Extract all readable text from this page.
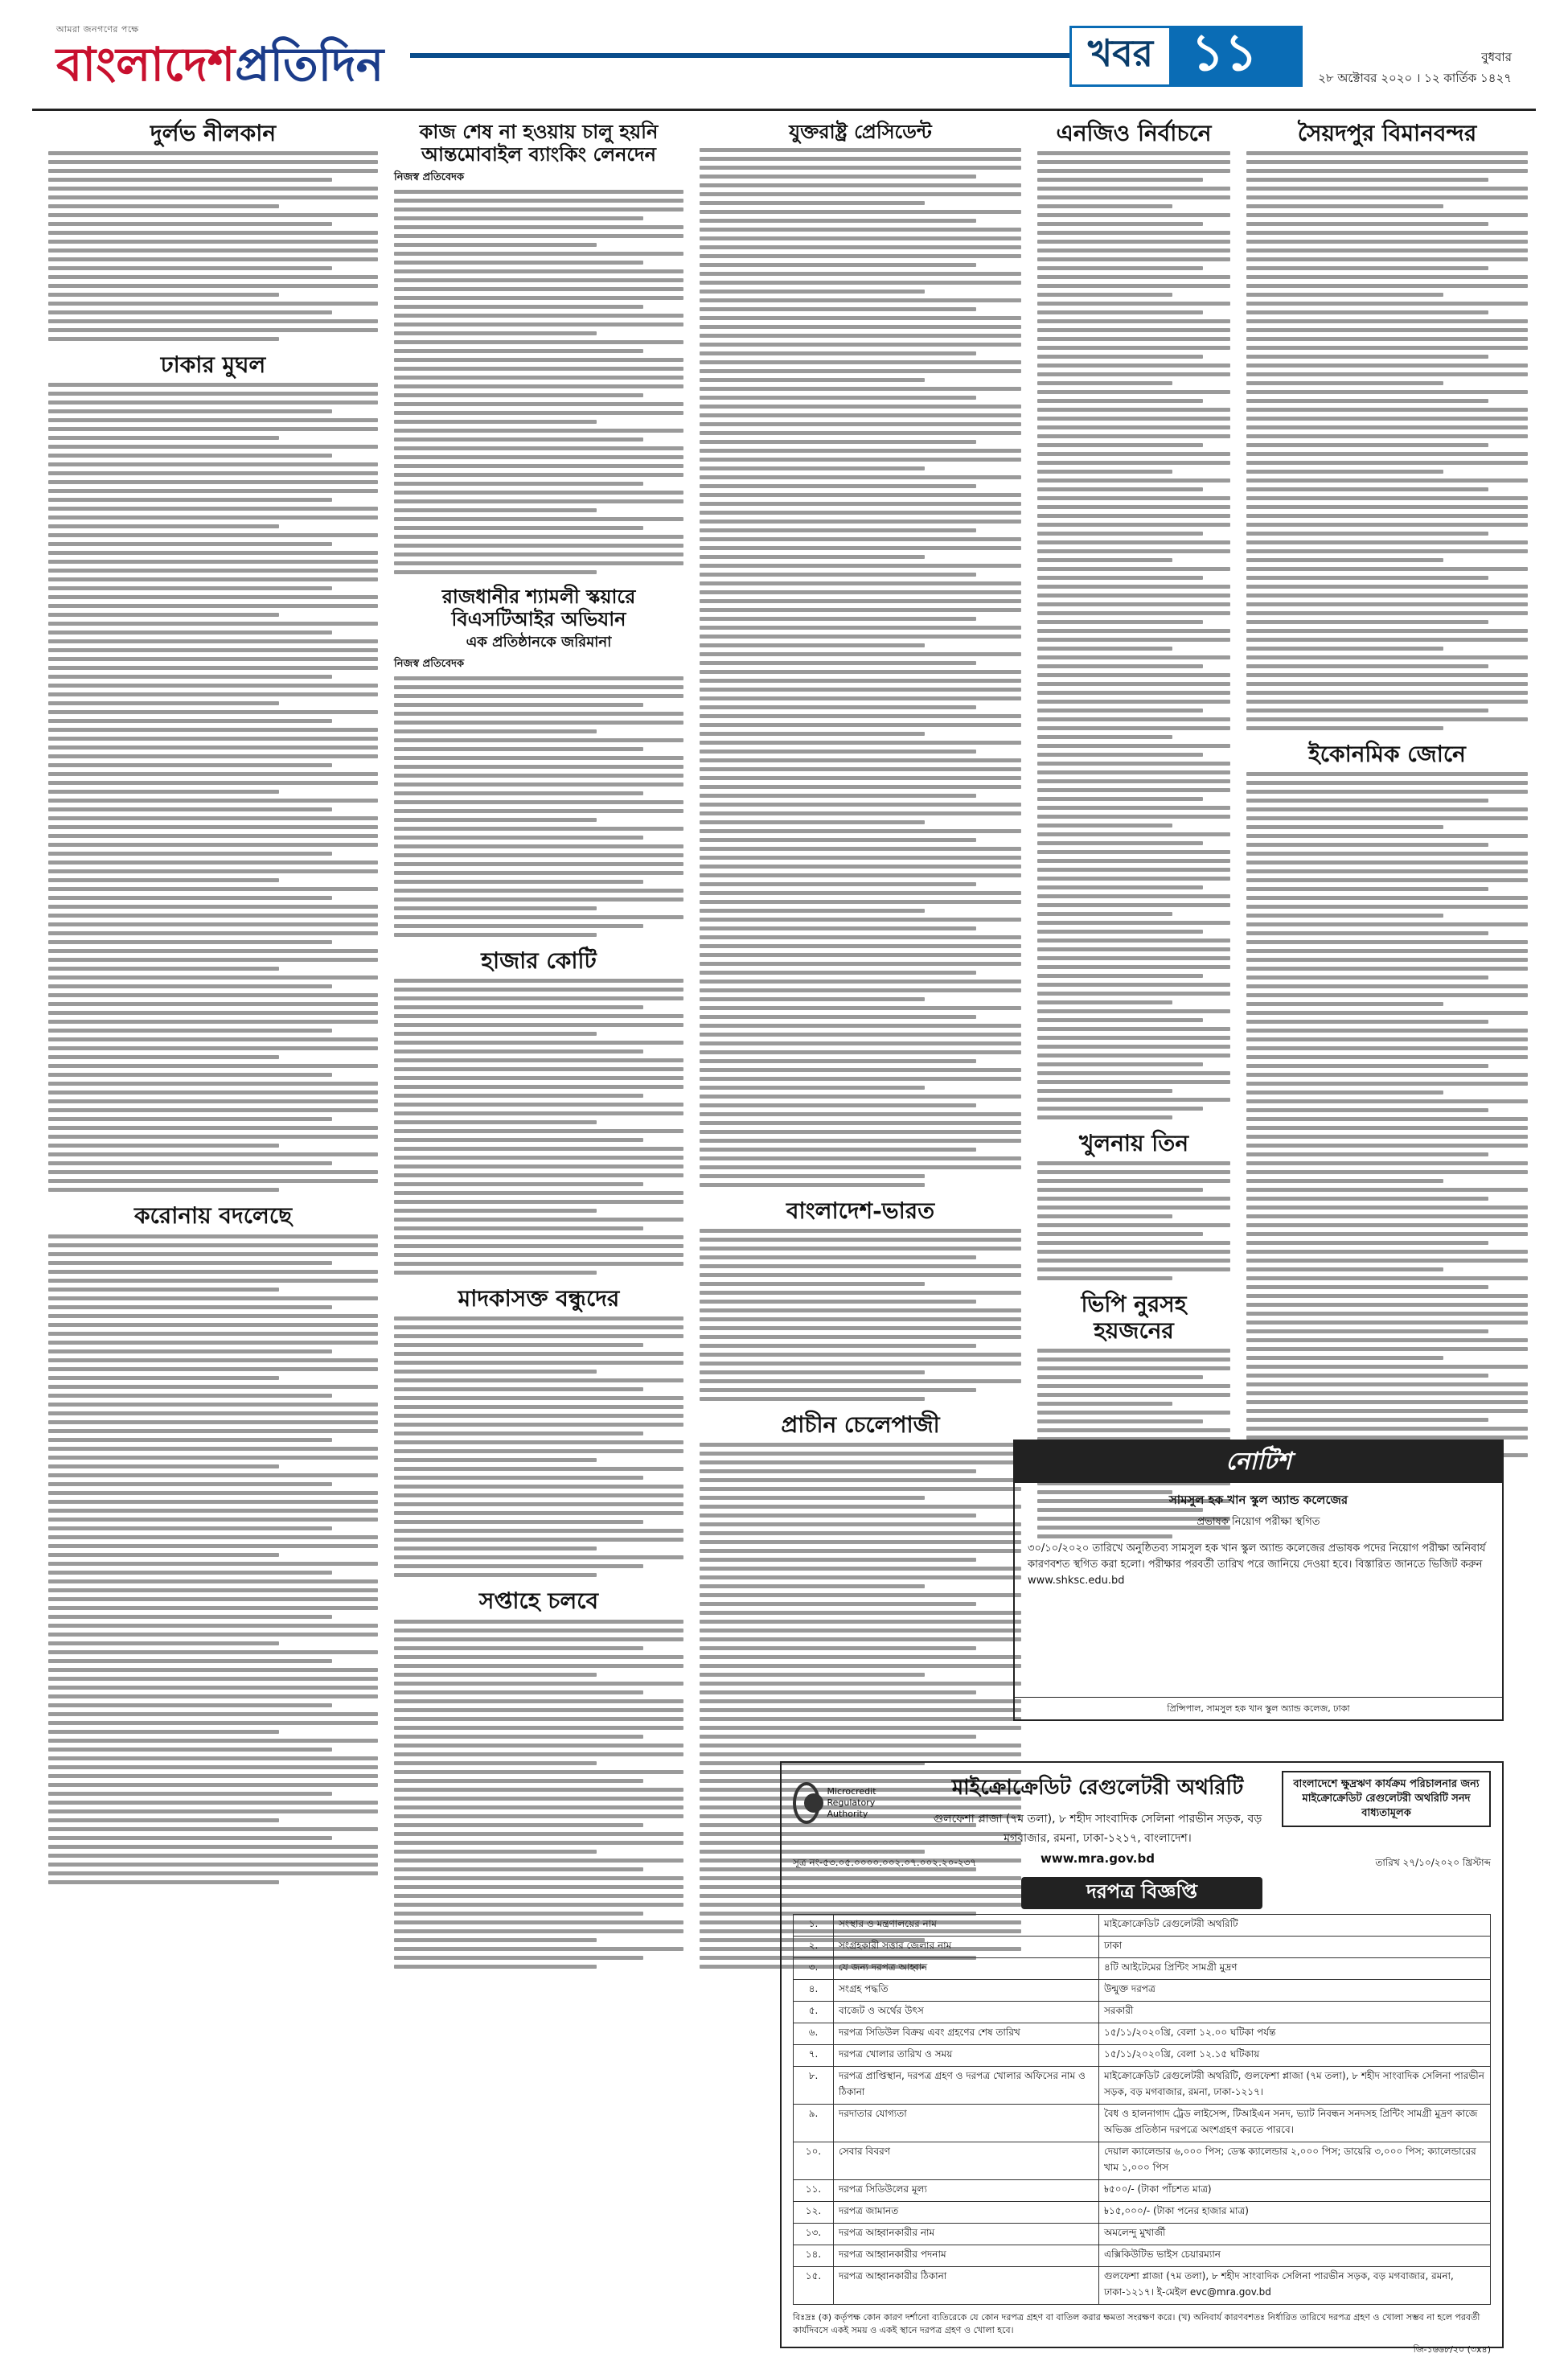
আমরা জনগণের পক্ষে
বাংলাদেশপ্রতিদিন	খবর ১১	বুধবার
২৮ অক্টোবর ২০২০ । ১২ কার্তিক ১৪২৭
দুর্লভ নীলকান
ঢাকার মুঘল
করোনায় বদলেছে
কাজ শেষ না হওয়ায় চালু হয়নি আন্তমোবাইল ব্যাংকিং লেনদেন
নিজস্ব প্রতিবেদক
রাজধানীর শ্যামলী স্কয়ারে বিএসটিআইর অভিযান
এক প্রতিষ্ঠানকে জরিমানা
নিজস্ব প্রতিবেদক
হাজার কোটি
মাদকাসক্ত বন্ধুদের
সপ্তাহে চলবে
যুক্তরাষ্ট্র প্রেসিডেন্ট
বাংলাদেশ-ভারত
প্রাচীন চেলেপাজী
এনজিও নির্বাচনে
খুলনায় তিন
ভিপি নুরসহ হয়জনের
সৈয়দপুর বিমানবন্দর
ইকোনমিক জোনে
নোটিশ
সামসুল হক খান স্কুল অ্যান্ড কলেজের
প্রভাষক নিয়োগ পরীক্ষা স্থগিত
৩০/১০/২০২০ তারিখে অনুষ্ঠিতব্য সামসুল হক খান স্কুল অ্যান্ড কলেজের প্রভাষক পদের নিয়োগ পরীক্ষা অনিবার্য কারণবশত স্থগিত করা হলো। পরীক্ষার পরবর্তী তারিখ পরে জানিয়ে দেওয়া হবে। বিস্তারিত জানতে ভিজিট করুন www.shksc.edu.bd
প্রিন্সিপাল, সামসুল হক খান স্কুল অ্যান্ড কলেজ, ঢাকা
Microcredit Regulatory Authority
মাইক্রোক্রেডিট রেগুলেটরী অথরিটি
গুলফেশা প্লাজা (৭ম তলা), ৮ শহীদ সাংবাদিক সেলিনা পারভীন সড়ক, বড় মগবাজার, রমনা, ঢাকা-১২১৭, বাংলাদেশ।
www.mra.gov.bd
বাংলাদেশে ক্ষুদ্রঋণ কার্যক্রম পরিচালনার জন্য মাইক্রোক্রেডিট রেগুলেটরী অথরিটি সনদ বাধ্যতামূলক
সূত্র নং-৫৩.০৫.০০০০.০০২.০৭.০০২.২০-২৩৭	তারিখ ২৭/১০/২০২০ খ্রিস্টাব্দ
দরপত্র বিজ্ঞপ্তি
১.	সংস্থার ও মন্ত্রণালয়ের নাম	মাইক্রোক্রেডিট রেগুলেটরী অথরিটি
২.	সংগ্রহকারী সত্তার জেলার নাম	ঢাকা
৩.	যে জন্য দরপত্র আহ্বান	৪টি আইটেমের প্রিন্টিং সামগ্রী মুদ্রণ
৪.	সংগ্রহ পদ্ধতি	উন্মুক্ত দরপত্র
৫.	বাজেট ও অর্থের উৎস	সরকারী
৬.	দরপত্র সিডিউল বিক্রয় এবং গ্রহণের শেষ তারিখ	১৫/১১/২০২০খ্রি, বেলা ১২.০০ ঘটিকা পর্যন্ত
৭.	দরপত্র খোলার তারিখ ও সময়	১৫/১১/২০২০খ্রি, বেলা ১২.১৫ ঘটিকায়
৮.	দরপত্র প্রাপ্তিস্থান, দরপত্র গ্রহণ ও দরপত্র খোলার অফিসের নাম ও ঠিকানা	মাইক্রোক্রেডিট রেগুলেটরী অথরিটি, গুলফেশা প্লাজা (৭ম তলা), ৮ শহীদ সাংবাদিক সেলিনা পারভীন সড়ক, বড় মগবাজার, রমনা, ঢাকা-১২১৭।
৯.	দরদাতার যোগ্যতা	বৈধ ও হালনাগাদ ট্রেড লাইসেন্স, টিআইএন সনদ, ভ্যাট নিবন্ধন সনদসহ প্রিন্টিং সামগ্রী মুদ্রণ কাজে অভিজ্ঞ প্রতিষ্ঠান দরপত্রে অংশগ্রহণ করতে পারবে।
১০.	সেবার বিবরণ	দেয়াল ক্যালেন্ডার ৬,০০০ পিস; ডেস্ক ক্যালেন্ডার ২,০০০ পিস; ডায়েরি ৩,০০০ পিস; ক্যালেন্ডারের খাম ১,০০০ পিস
১১.	দরপত্র সিডিউলের মূল্য	৳৫০০/- (টাকা পাঁচশত মাত্র)
১২.	দরপত্র জামানত	৳১৫,০০০/- (টাকা পনের হাজার মাত্র)
১৩.	দরপত্র আহ্বানকারীর নাম	অমলেন্দু মুখার্জী
১৪.	দরপত্র আহ্বানকারীর পদনাম	এক্সিকিউটিভ ভাইস চেয়ারম্যান
১৫.	দরপত্র আহ্বানকারীর ঠিকানা	গুলফেশা প্লাজা (৭ম তলা), ৮ শহীদ সাংবাদিক সেলিনা পারভীন সড়ক, বড় মগবাজার, রমনা, ঢাকা-১২১৭। ই-মেইল evc@mra.gov.bd
বিঃদ্রঃ (ক) কর্তৃপক্ষ কোন কারণ দর্শানো ব্যতিরেকে যে কোন দরপত্র গ্রহণ বা বাতিল করার ক্ষমতা সংরক্ষণ করে। (খ) অনিবার্য কারণবশতঃ নির্ধারিত তারিখে দরপত্র গ্রহণ ও খোলা সম্ভব না হলে পরবর্তী কার্যদিবসে একই সময় ও একই স্থানে দরপত্র গ্রহণ ও খোলা হবে।
জি-১৬৬৮/২০ (৩x৪)
